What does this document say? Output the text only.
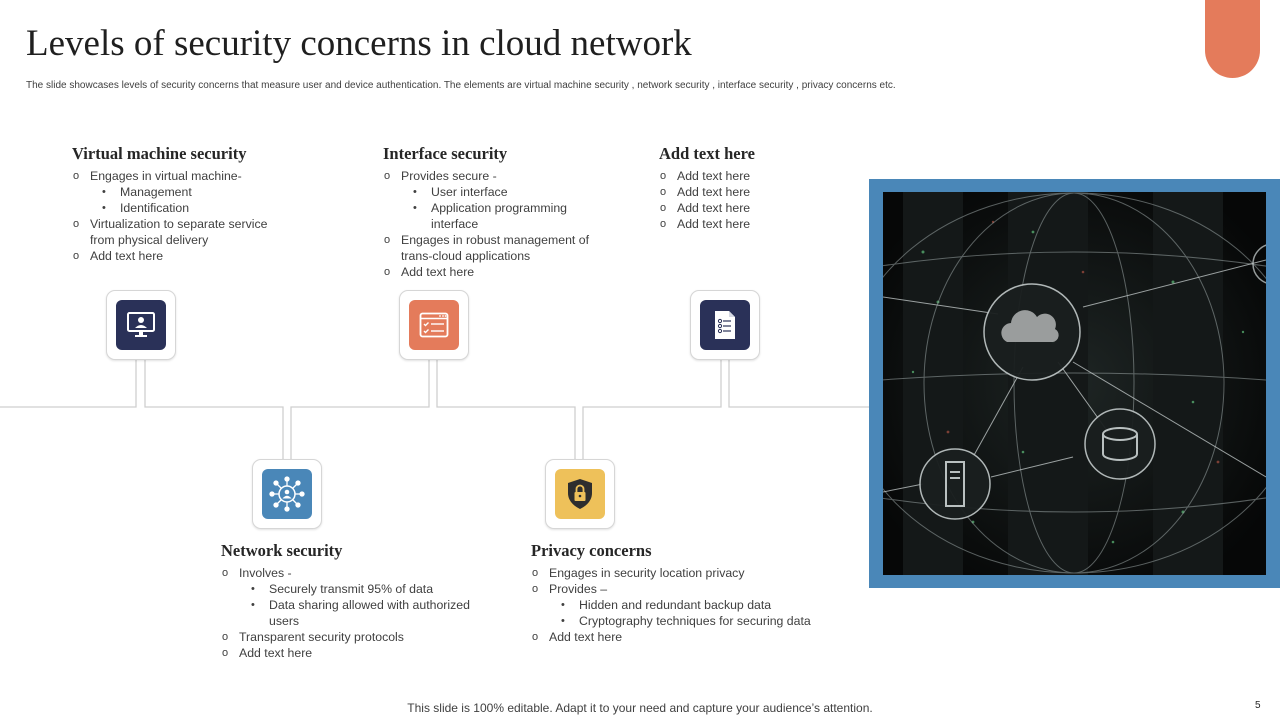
Levels of security concerns in cloud network
The slide showcases levels of security concerns that measure user and device authentication. The elements are virtual machine security , network security , interface security , privacy concerns etc.
Virtual machine security
o Engages in virtual machine-
• Management
• Identification
o Virtualization to separate service
from physical delivery
o Add text here
Interface security
o Provides secure -
• User interface
• Application programming
interface
o Engages in robust management of
trans-cloud applications
o Add text here
Add text here
o Add text here
o Add text here
o Add text here
o Add text here
Network security
o Involves -
• Securely transmit 95% of data
• Data sharing allowed with authorized
users
o Transparent security protocols
o Add text here
Privacy concerns
o Engages in security location privacy
o Provides –
• Hidden and redundant backup data
• Cryptography techniques for securing data
o Add text here
This slide is 100% editable. Adapt it to your need and capture your audience’s attention.	5
